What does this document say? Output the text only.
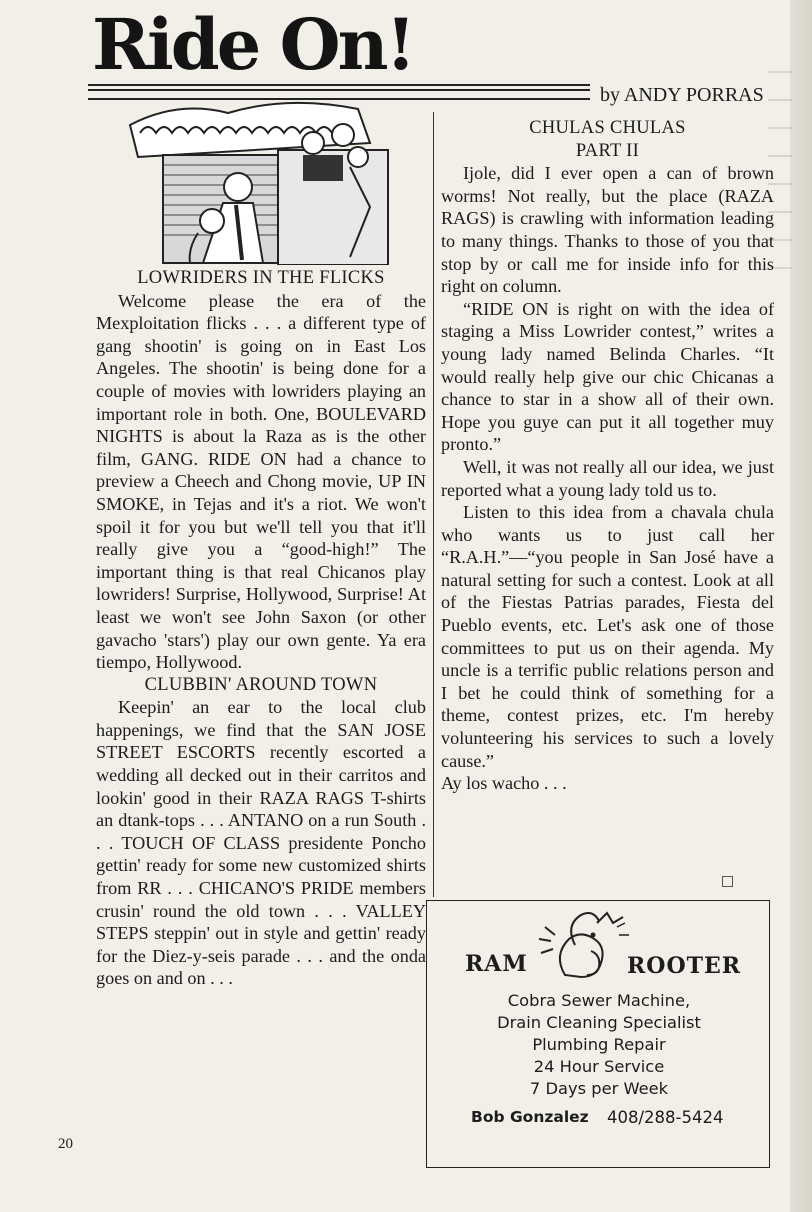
Ride On!
by ANDY PORRAS
LOWRIDERS IN THE FLICKS

Welcome please the era of the Mexploitation flicks . . . a different type of gang shootin' is going on in East Los Angeles. The shootin' is being done for a couple of movies with lowriders playing an important role in both. One, BOULEVARD NIGHTS is about la Raza as is the other film, GANG. RIDE ON had a chance to preview a Cheech and Chong movie, UP IN SMOKE, in Tejas and it's a riot. We won't spoil it for you but we'll tell you that it'll really give you a “good-high!” The important thing is that real Chicanos play lowriders! Surprise, Hollywood, Surprise! At least we won't see John Saxon (or other gavacho 'stars') play our own gente. Ya era tiempo, Hollywood.

CLUBBIN' AROUND TOWN

Keepin' an ear to the local club happenings, we find that the SAN JOSE STREET ESCORTS recently escorted a wedding all decked out in their carritos and lookin' good in their RAZA RAGS T-shirts an dtank-tops . . . ANTANO on a run South . . . TOUCH OF CLASS presidente Poncho gettin' ready for some new customized shirts from RR . . . CHICANO'S PRIDE members crusin' round the old town . . . VALLEY STEPS steppin' out in style and gettin' ready for the Diez-y-seis parade . . . and the onda goes on and on . . .

CHULAS CHULAS
PART II

Ijole, did I ever open a can of brown worms! Not really, but the place (RAZA RAGS) is crawling with information leading to many things. Thanks to those of you that stop by or call me for inside info for this right on column.

“RIDE ON is right on with the idea of staging a Miss Lowrider contest,” writes a young lady named Belinda Charles. “It would really help give our chic Chicanas a chance to star in a show all of their own. Hope you guye can put it all together muy pronto.”

Well, it was not really all our idea, we just reported what a young lady told us to.

Listen to this idea from a chavala chula who wants us to just call her “R.A.H.”—“you people in San José have a natural setting for such a contest. Look at all of the Fiestas Patrias parades, Fiesta del Pueblo events, etc. Let's ask one of those committees to put us on their agenda. My uncle is a terrific public relations person and I bet he could think of something for a theme, contest prizes, etc. I'm hereby volunteering his services to such a lovely cause.”

Ay los wacho . . .

RAM	ROOTER
Cobra Sewer Machine,
Drain Cleaning Specialist
Plumbing Repair
24 Hour Service
7 Days per Week
Bob Gonzalez 408/288-5424
20
